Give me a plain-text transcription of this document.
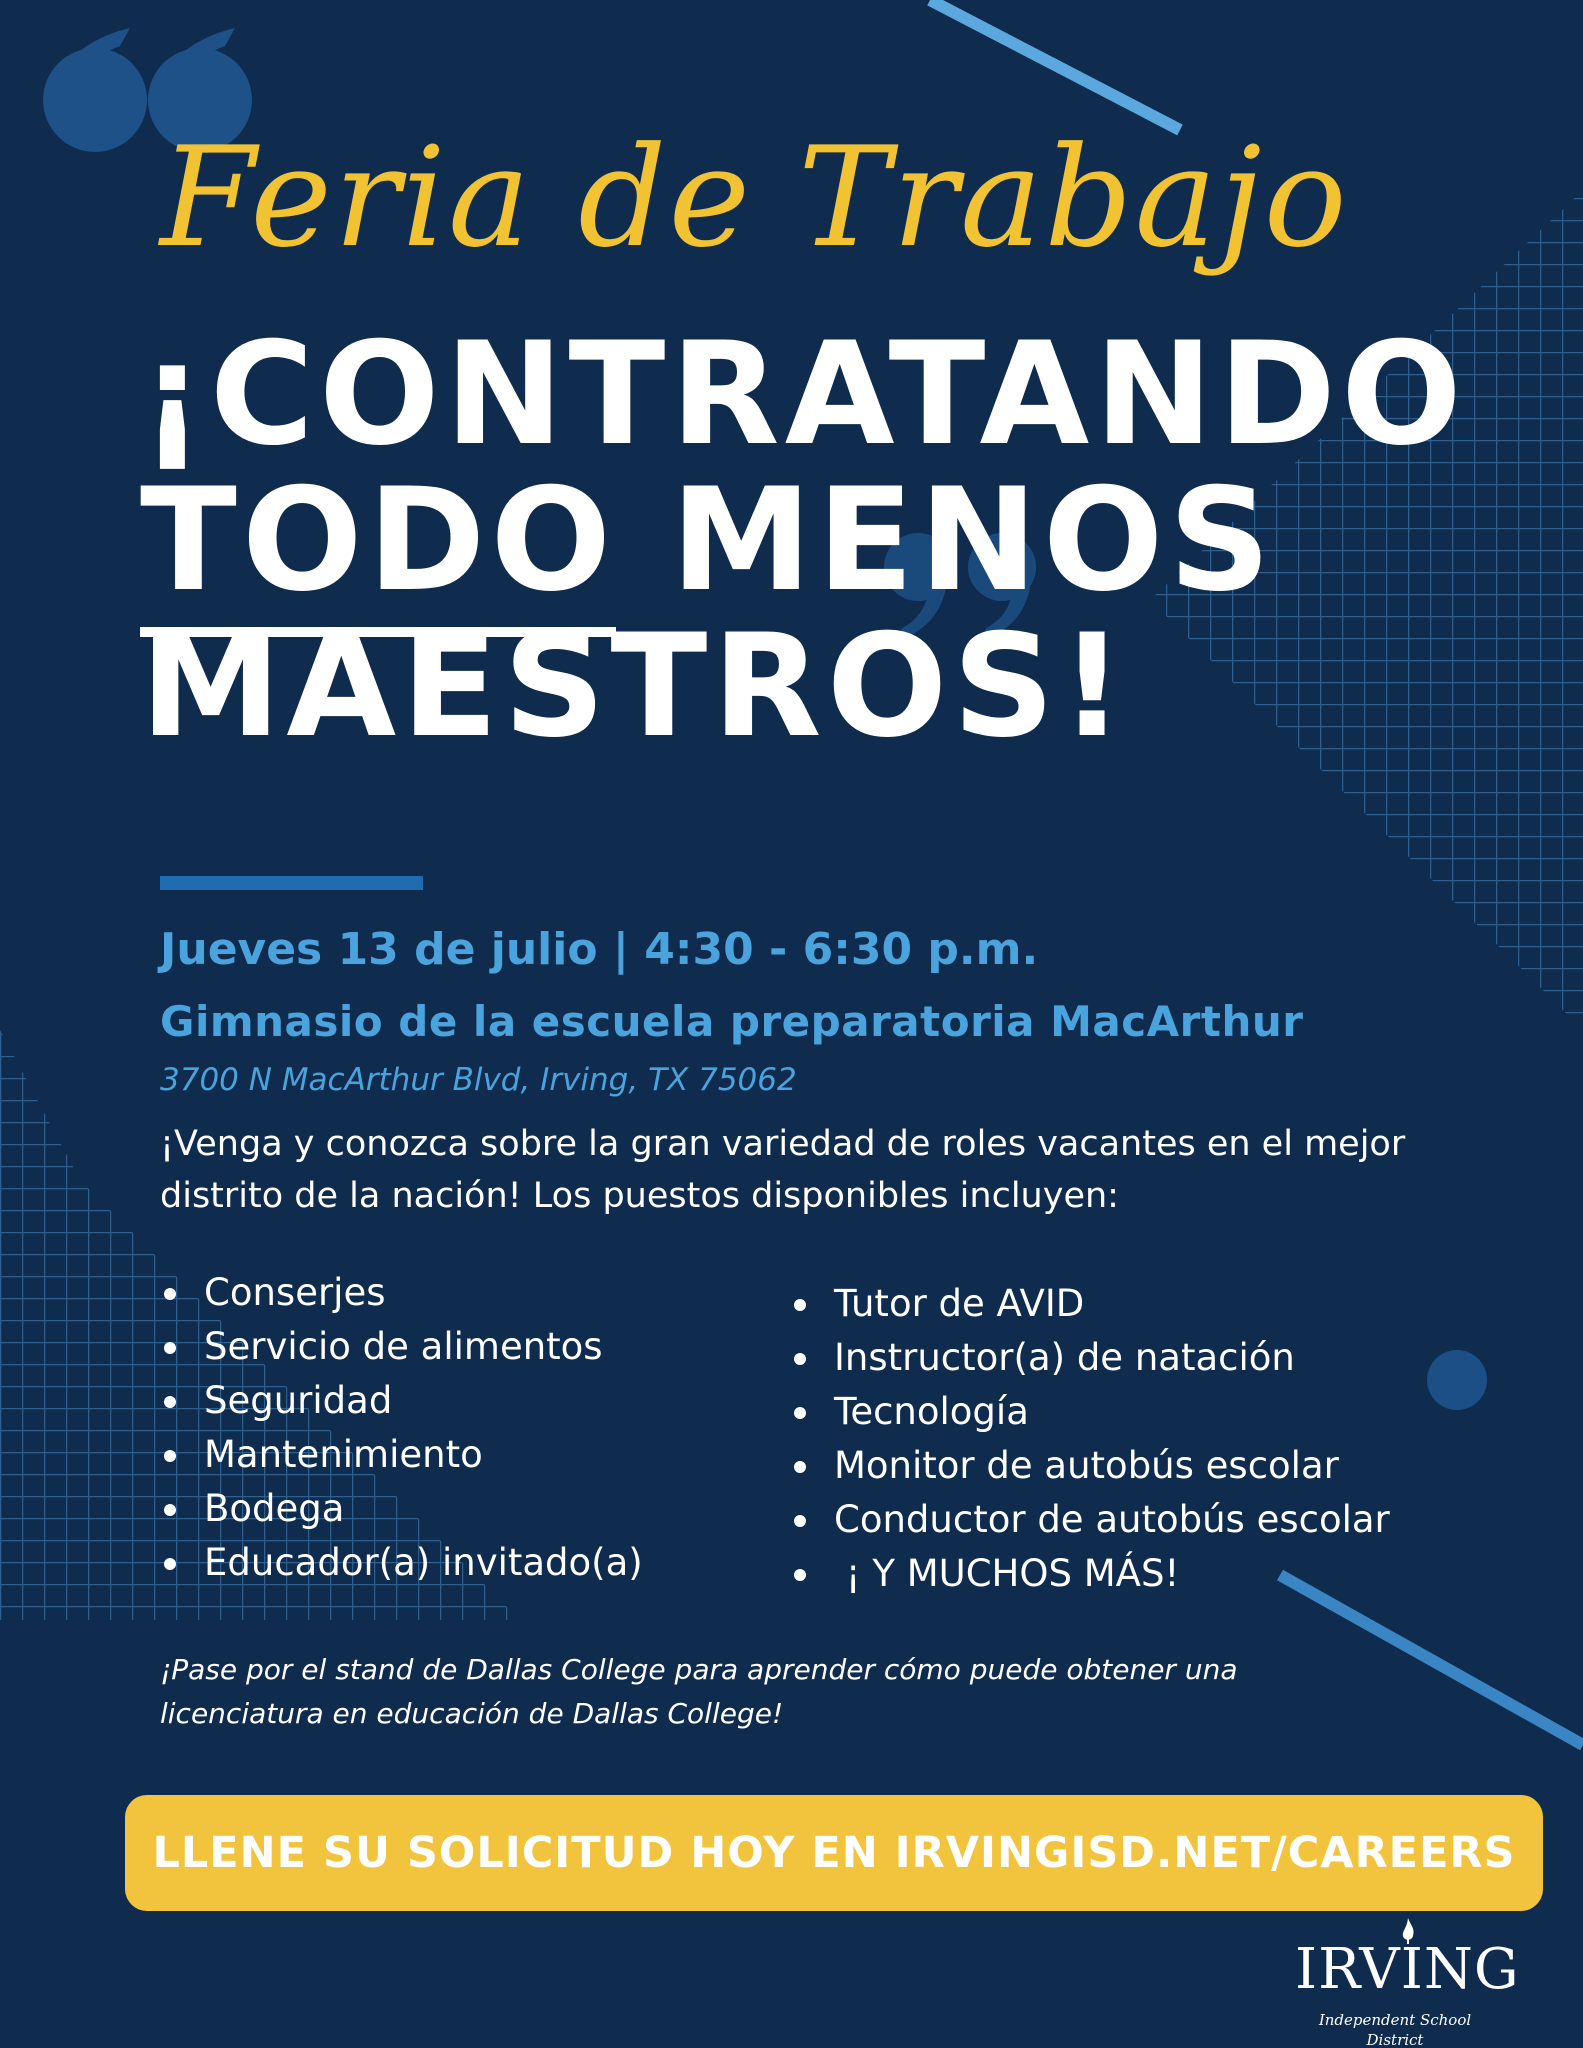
Feria de Trabajo
¡CONTRATANDO
TODO MENOS
MAESTROS!
Jueves 13 de julio | 4:30 - 6:30 p.m.
Gimnasio de la escuela preparatoria MacArthur
3700 N MacArthur Blvd, Irving, TX 75062
¡Venga y conozca sobre la gran variedad de roles vacantes en el mejor distrito de la nación! Los puestos disponibles incluyen:
Conserjes
Servicio de alimentos
Seguridad
Mantenimiento
Bodega
Educador(a) invitado(a)
Tutor de AVID
Instructor(a) de natación
Tecnología
Monitor de autobús escolar
Conductor de autobús escolar
¡ Y MUCHOS MÁS!
¡Pase por el stand de Dallas College para aprender cómo puede obtener una licenciatura en educación de Dallas College!
LLENE SU SOLICITUD HOY EN IRVINGISD.NET/CAREERS
IRVING
Independent School District
